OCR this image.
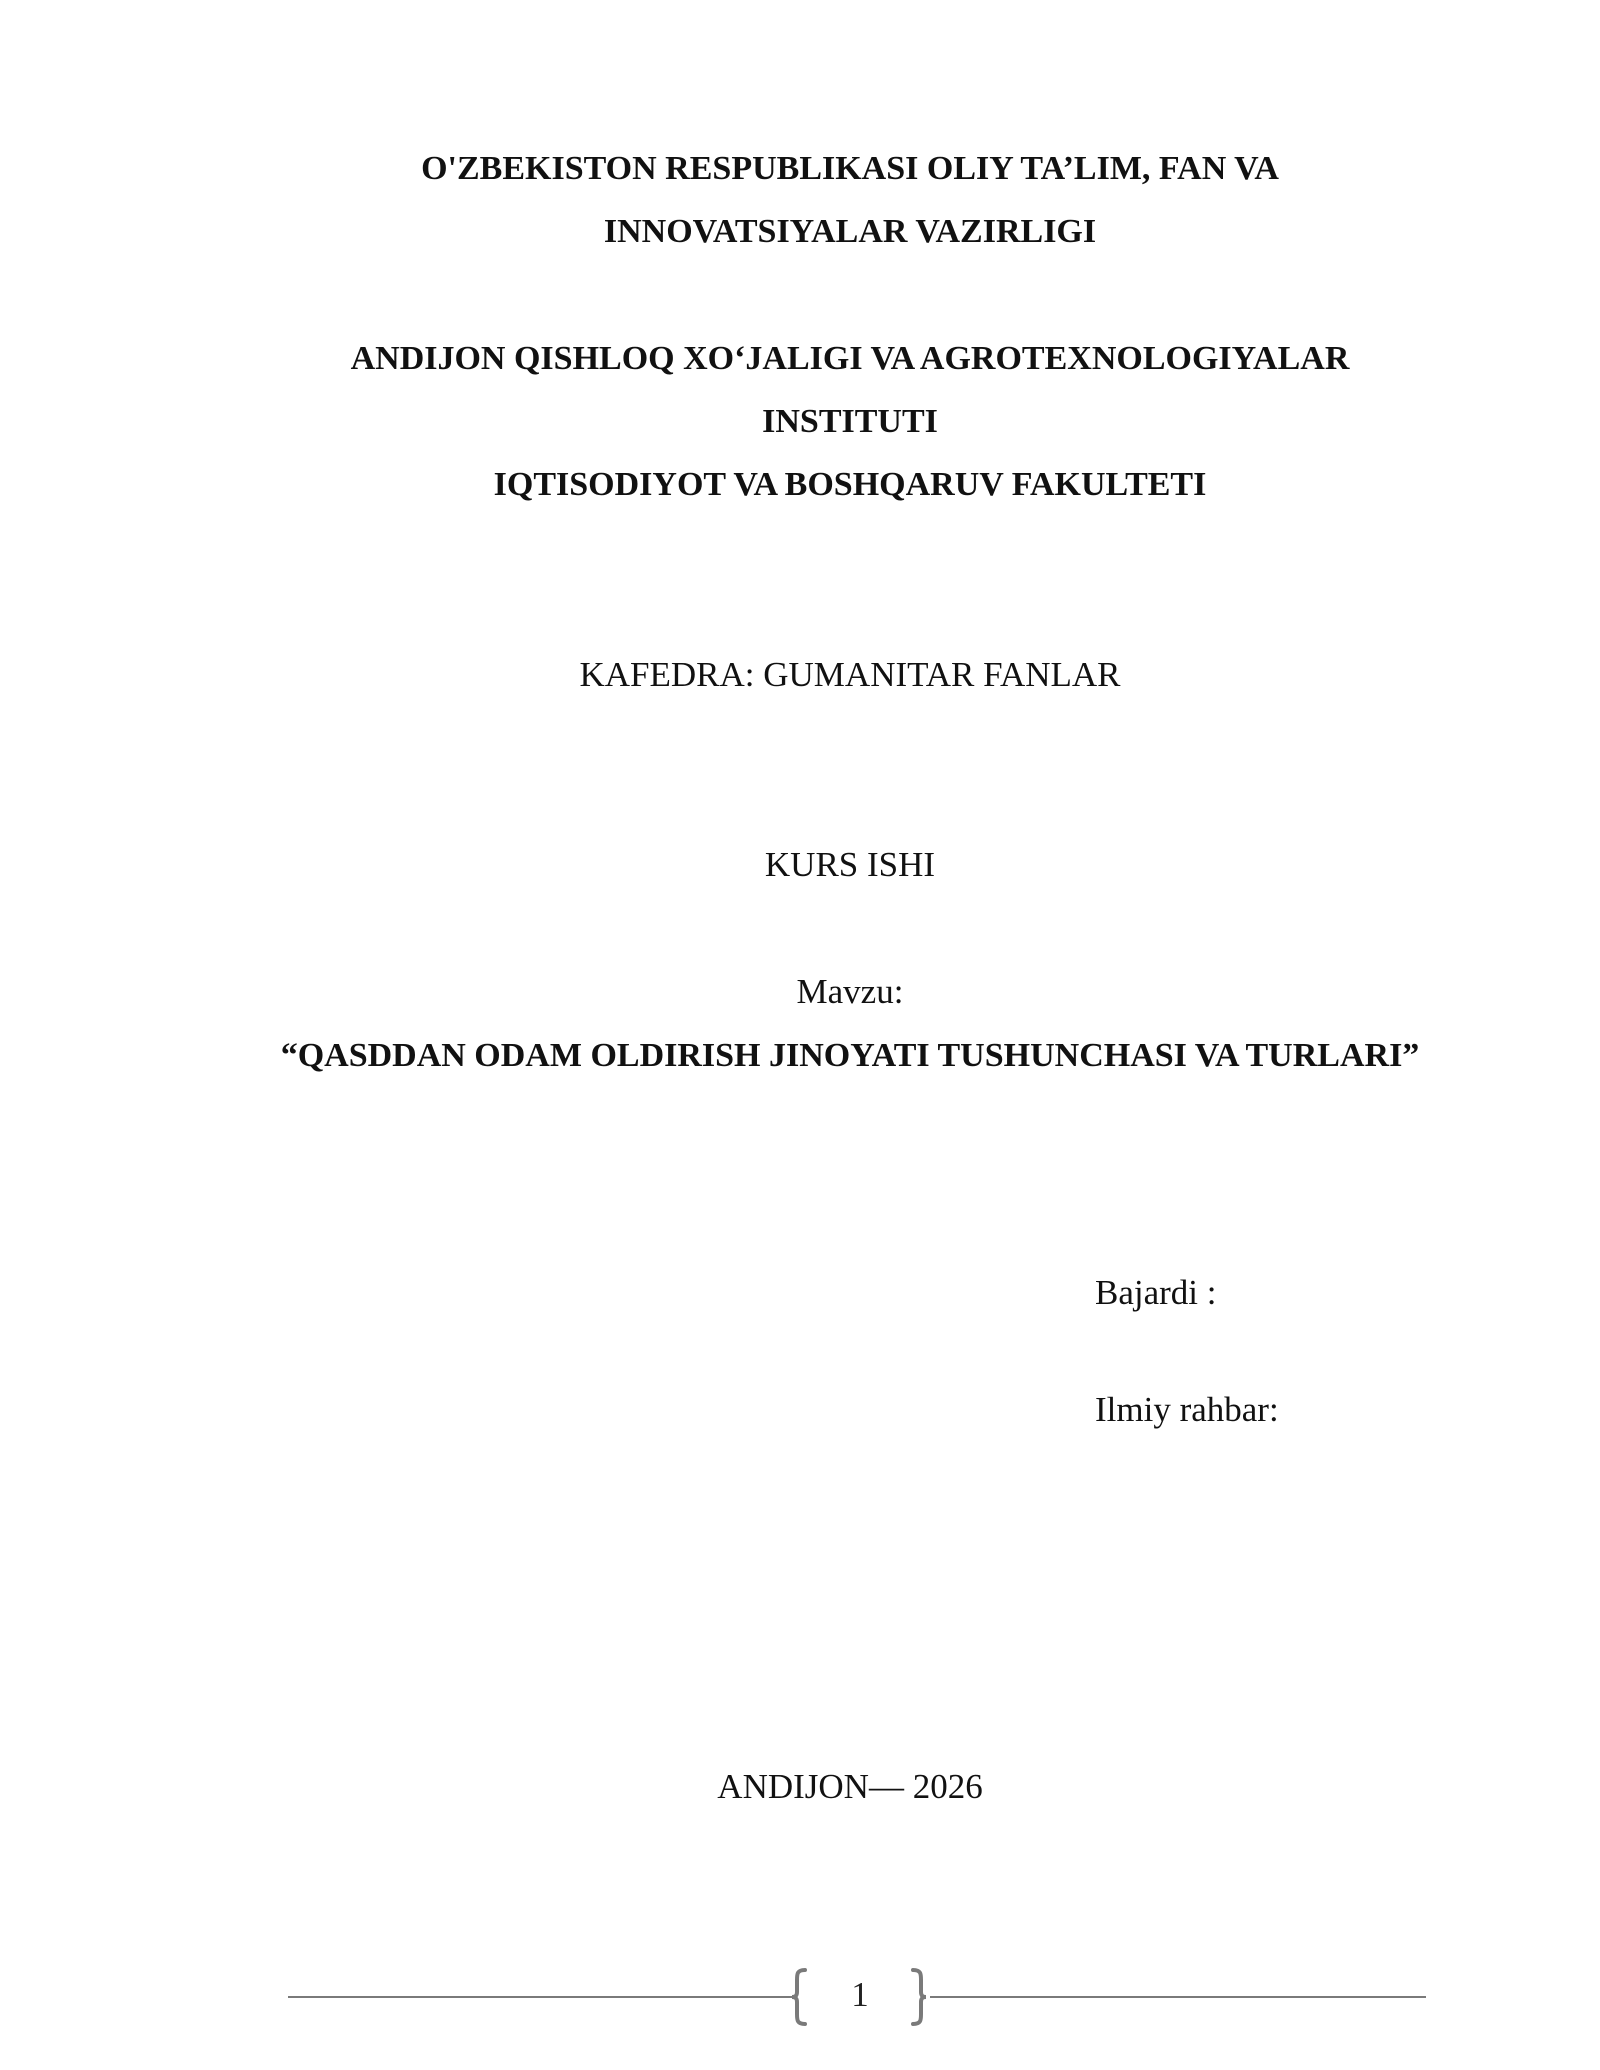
O'ZBEKISTON RESPUBLIKASI OLIY TA’LIM, FAN VA
INNOVATSIYALAR VAZIRLIGI
ANDIJON QISHLOQ XO‘JALIGI VA AGROTEXNOLOGIYALAR
INSTITUTI
IQTISODIYOT VA BOSHQARUV FAKULTETI
KAFEDRA: GUMANITAR FANLAR
KURS ISHI
Mavzu:
“QASDDAN ODAM OLDIRISH JINOYATI TUSHUNCHASI VA TURLARI”
Bajardi :
Ilmiy rahbar:
ANDIJON— 2026
1
